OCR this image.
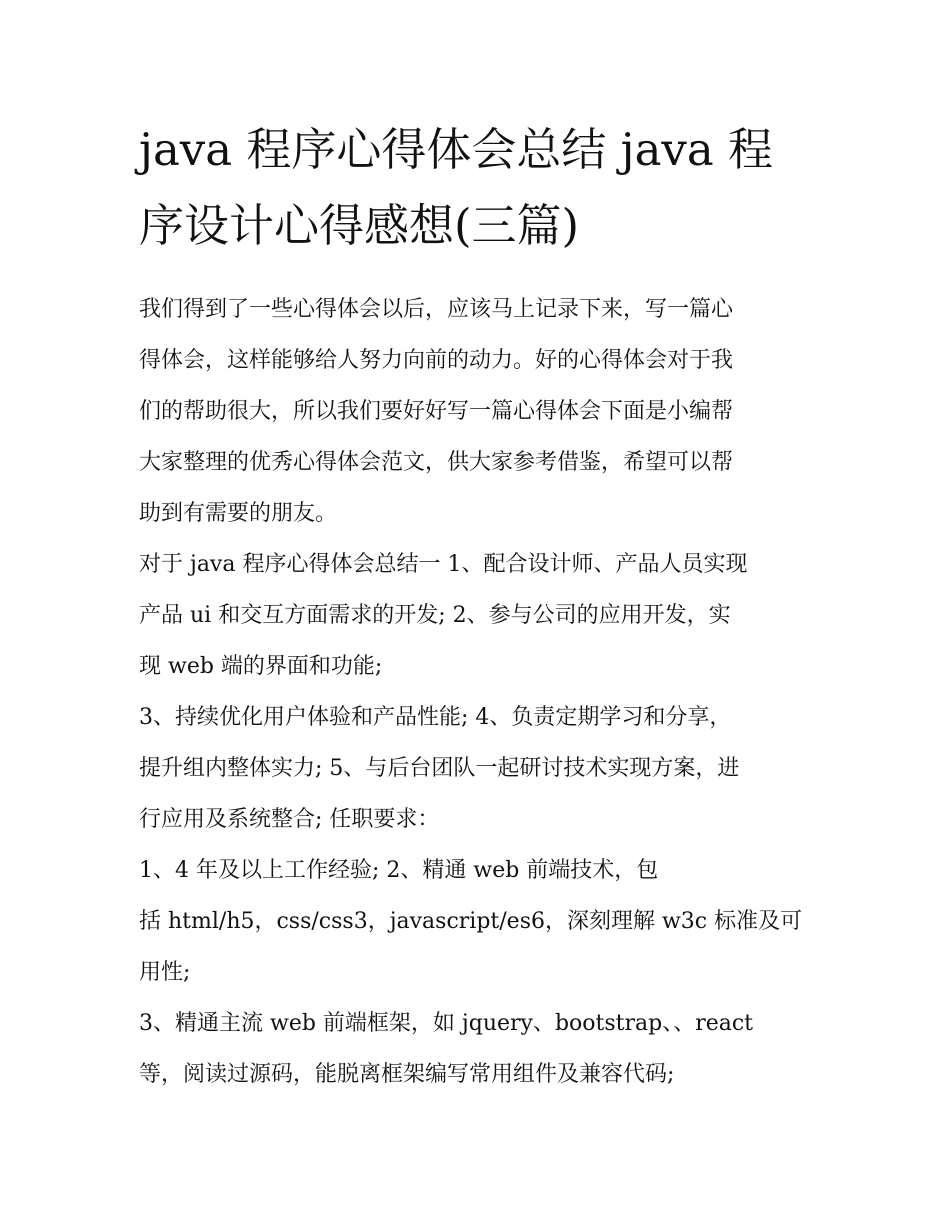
java 程序心得体会总结 java 程
序设计心得感想(三篇)

我们得到了一些心得体会以后，应该马上记录下来，写一篇心
得体会，这样能够给人努力向前的动力。好的心得体会对于我
们的帮助很大，所以我们要好好写一篇心得体会下面是小编帮
大家整理的优秀心得体会范文，供大家参考借鉴，希望可以帮
助到有需要的朋友。

对于 java 程序心得体会总结一 1、配合设计师、产品人员实现
产品 ui 和交互方面需求的开发; 2、参与公司的应用开发，实
现 web 端的界面和功能;

3、持续优化用户体验和产品性能; 4、负责定期学习和分享，
提升组内整体实力; 5、与后台团队一起研讨技术实现方案，进
行应用及系统整合; 任职要求：

1、4 年及以上工作经验; 2、精通 web 前端技术，包
括 html/h5，css/css3，javascript/es6，深刻理解 w3c 标准及可
用性;

3、精通主流 web 前端框架，如 jquery、bootstrap、、react
等，阅读过源码，能脱离框架编写常用组件及兼容代码;
